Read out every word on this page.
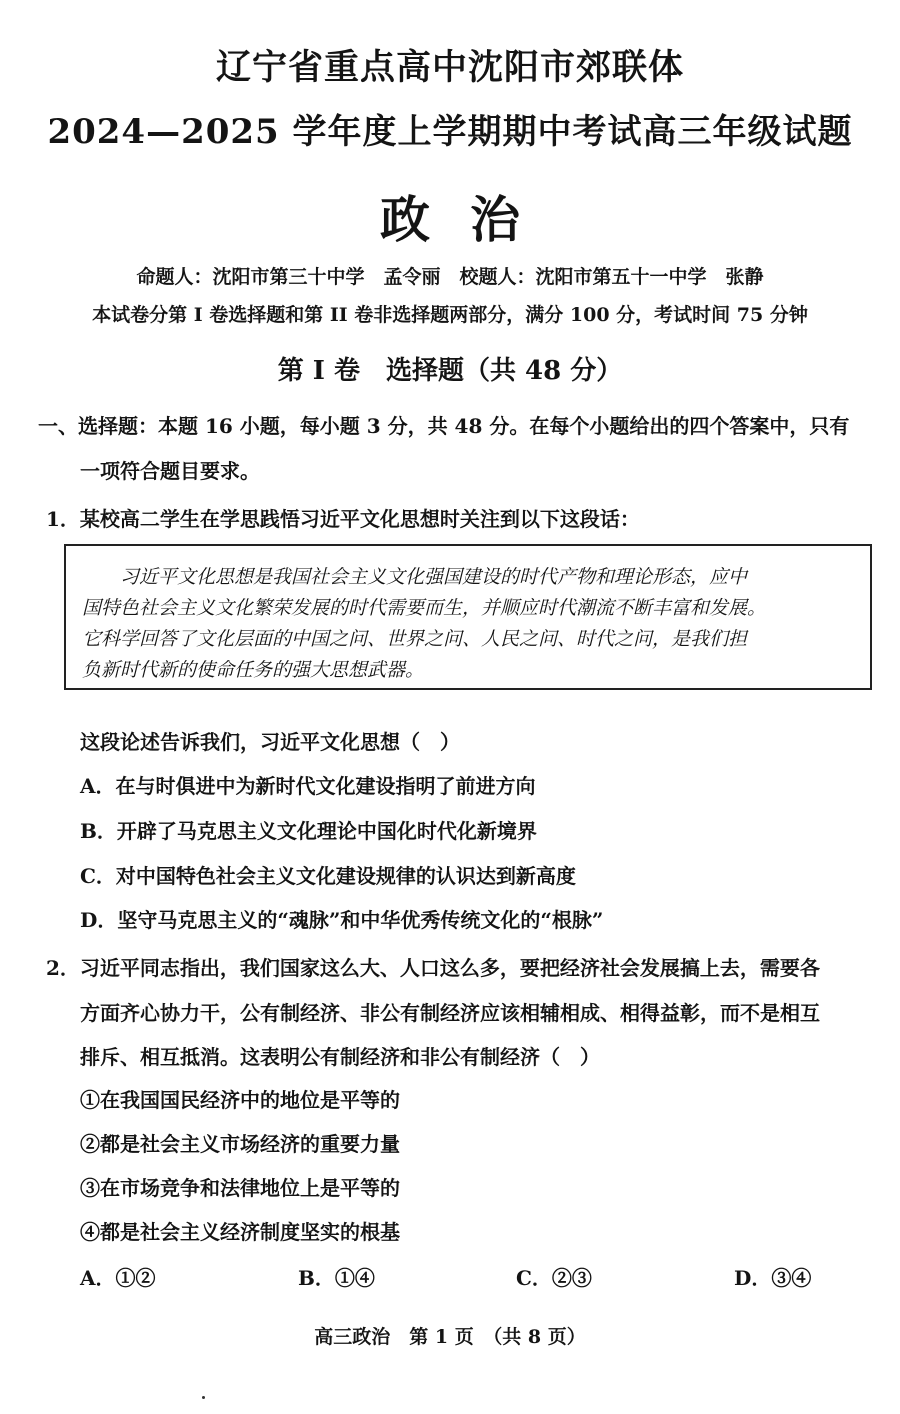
辽宁省重点高中沈阳市郊联体
2024—2025 学年度上学期期中考试高三年级试题
政治
命题人：沈阳市第三十中学　孟令丽　校题人：沈阳市第五十一中学　张静
本试卷分第 I 卷选择题和第 II 卷非选择题两部分，满分 100 分，考试时间 75 分钟
第 I 卷　选择题（共 48 分）
一、选择题：本题 16 小题，每小题 3 分，共 48 分。在每个小题给出的四个答案中，只有
一项符合题目要求。
1．某校高二学生在学思践悟习近平文化思想时关注到以下这段话：
　　习近平文化思想是我国社会主义文化强国建设的时代产物和理论形态，应中
国特色社会主义文化繁荣发展的时代需要而生，并顺应时代潮流不断丰富和发展。
它科学回答了文化层面的中国之问、世界之问、人民之问、时代之问，是我们担
负新时代新的使命任务的强大思想武器。
这段论述告诉我们，习近平文化思想（　）
A．在与时俱进中为新时代文化建设指明了前进方向
B．开辟了马克思主义文化理论中国化时代化新境界
C．对中国特色社会主义文化建设规律的认识达到新高度
D．坚守马克思主义的“魂脉”和中华优秀传统文化的“根脉”
2．习近平同志指出，我们国家这么大、人口这么多，要把经济社会发展搞上去，需要各
方面齐心协力干，公有制经济、非公有制经济应该相辅相成、相得益彰，而不是相互
排斥、相互抵消。这表明公有制经济和非公有制经济（　）
①在我国国民经济中的地位是平等的
②都是社会主义市场经济的重要力量
③在市场竞争和法律地位上是平等的
④都是社会主义经济制度坚实的根基
A．①②	B．①④	C．②③	D．③④
高三政治　第 1 页　（共 8 页）
